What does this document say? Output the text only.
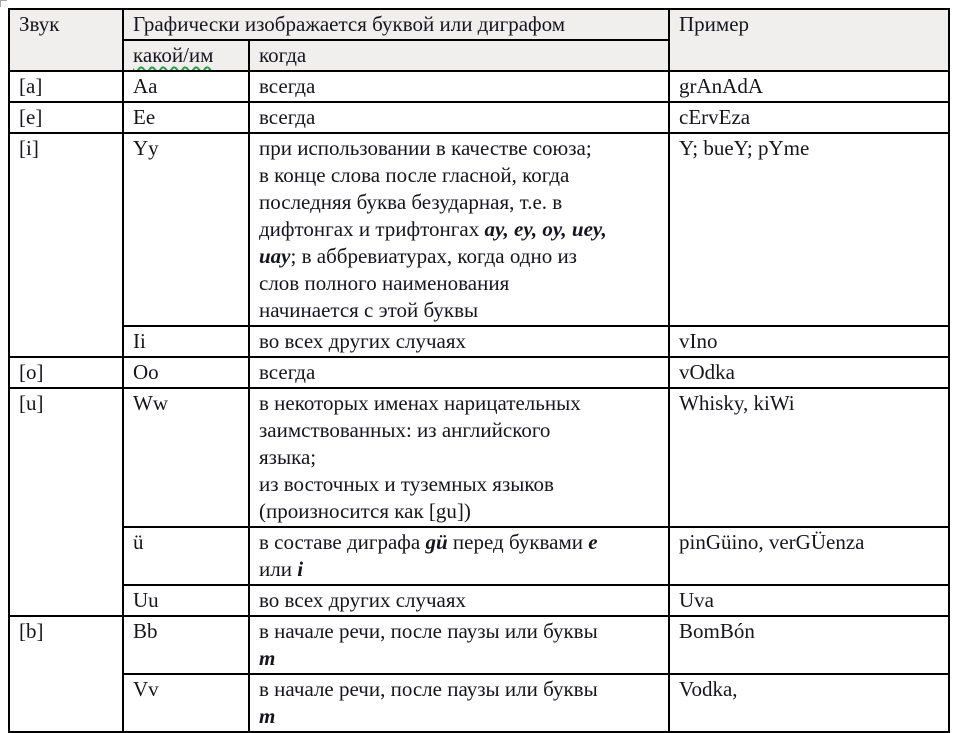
Звук	Графически изображается буквой или диграфом		Пример
	какой/им	когда	
[a]	Aa	всегда	grAnAdA
[e]	Ee	всегда	cErvEza
[i]	Yy	при использовании в качестве союза;
в конце слова после гласной, когда
последняя буква безударная, т.е. в
дифтонгах и трифтонгах ay, ey, oy, uey,
uay; в аббревиатурах, когда одно из
слов полного наименования
начинается с этой буквы	Y; bueY; pYme
	Ii	во всех других случаях	vIno
[o]	Oo	всегда	vOdka
[u]	Ww	в некоторых именах нарицательных
заимствованных: из английского
языка;
из восточных и туземных языков
(произносится как [gu])	Whisky, kiWi
	ü	в составе диграфа gü перед буквами e
или i	pinGüino, verGÜenza
	Uu	во всех других случаях	Uva
[b]	Bb	в начале речи, после паузы или буквы
m	BomBón
	Vv	в начале речи, после паузы или буквы
m	Vodka,
